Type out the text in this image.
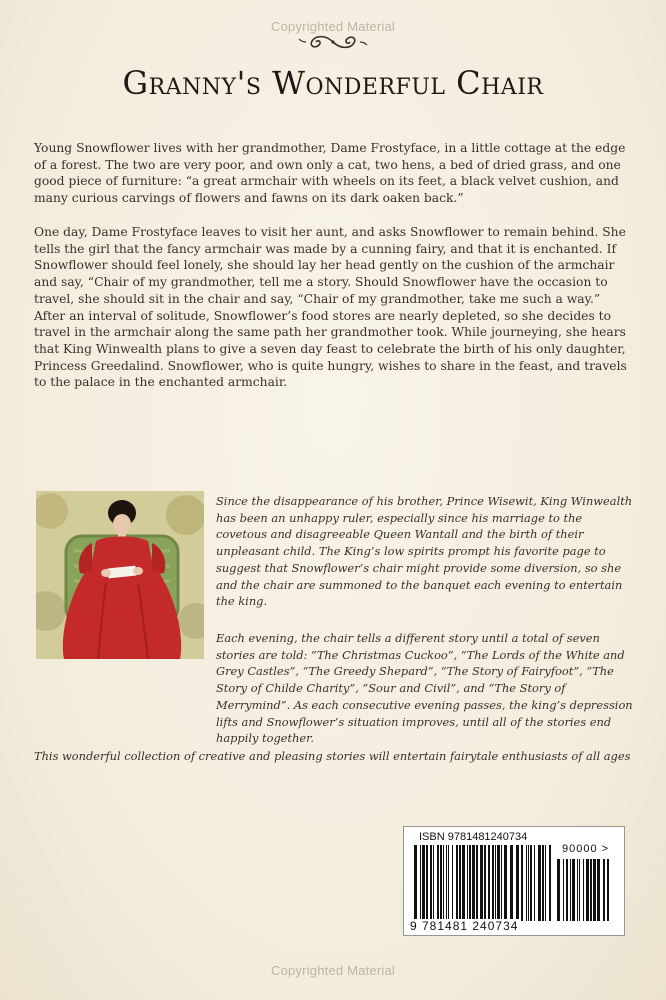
Copyrighted Material
Granny's Wonderful Chair
Young Snowflower lives with her grandmother, Dame Frostyface, in a little cottage at the edge of a forest. The two are very poor, and own only a cat, two hens, a bed of dried grass, and one good piece of furniture: “a great armchair with wheels on its feet, a black velvet cushion, and many curious carvings of flowers and fawns on its dark oaken back.”
One day, Dame Frostyface leaves to visit her aunt, and asks Snowflower to remain behind. She tells the girl that the fancy armchair was made by a cunning fairy, and that it is enchanted. If Snowflower should feel lonely, she should lay her head gently on the cushion of the armchair and say, “Chair of my grandmother, tell me a story. Should Snowflower have the occasion to travel, she should sit in the chair and say, “Chair of my grandmother, take me such a way.” After an interval of solitude, Snowflower’s food stores are nearly depleted, so she decides to travel in the armchair along the same path her grandmother took. While journeying, she hears that King Winwealth plans to give a seven day feast to celebrate the birth of his only daughter, Princess Greedalind. Snowflower, who is quite hungry, wishes to share in the feast, and travels to the palace in the enchanted armchair.
Since the disappearance of his brother, Prince Wisewit, King Winwealth has been an unhappy ruler, especially since his marriage to the covetous and disagreeable Queen Wantall and the birth of their unpleasant child. The King’s low spirits prompt his favorite page to suggest that Snowflower’s chair might provide some diversion, so she and the chair are summoned to the banquet each evening to entertain the king.
Each evening, the chair tells a different story until a total of seven stories are told: “The Christmas Cuckoo”, “The Lords of the White and Grey Castles”, “The Greedy Shepard”, “The Story of Fairyfoot”, “The Story of Childe Charity”, “Sour and Civil”, and “The Story of Merrymind”. As each consecutive evening passes, the king’s depression lifts and Snowflower’s situation improves, until all of the stories end happily together.
This wonderful collection of creative and pleasing stories will entertain fairytale enthusiasts of all ages
ISBN 9781481240734
90000 >
9 781481 240734
Copyrighted Material
